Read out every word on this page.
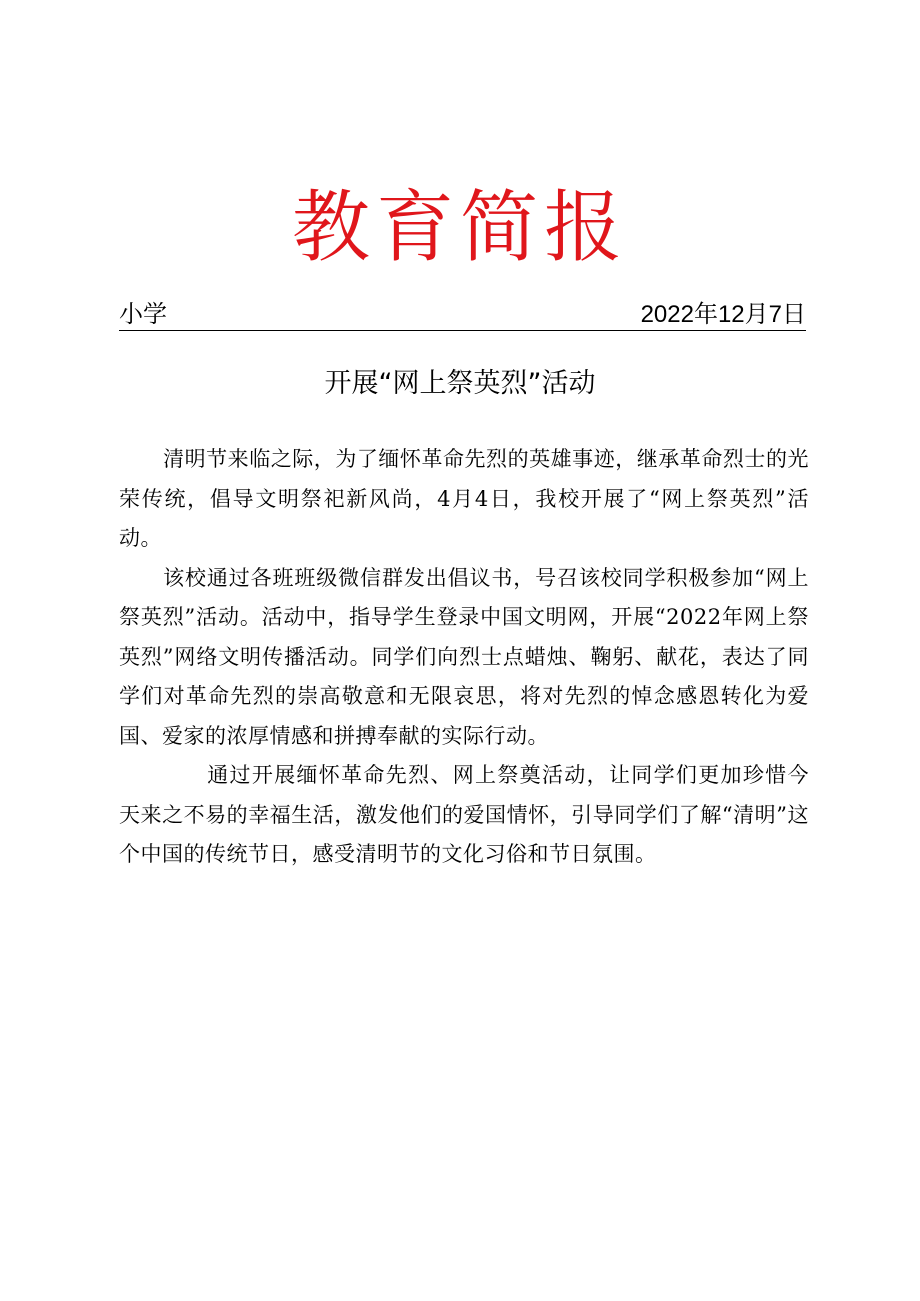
教育简报
小学	2022年12月7日
开展“网上祭英烈”活动

清明节来临之际，为了缅怀革命先烈的英雄事迹，继承革命烈士的光荣传统，倡导文明祭祀新风尚，4月4日，我校开展了“网上祭英烈”活动。

该校通过各班班级微信群发出倡议书，号召该校同学积极参加“网上祭英烈”活动。活动中，指导学生登录中国文明网，开展“2022年网上祭英烈”网络文明传播活动。同学们向烈士点蜡烛、鞠躬、献花，表达了同学们对革命先烈的崇高敬意和无限哀思，将对先烈的悼念感恩转化为爱国、爱家的浓厚情感和拼搏奉献的实际行动。

通过开展缅怀革命先烈、网上祭奠活动，让同学们更加珍惜今天来之不易的幸福生活，激发他们的爱国情怀，引导同学们了解“清明”这个中国的传统节日，感受清明节的文化习俗和节日氛围。
